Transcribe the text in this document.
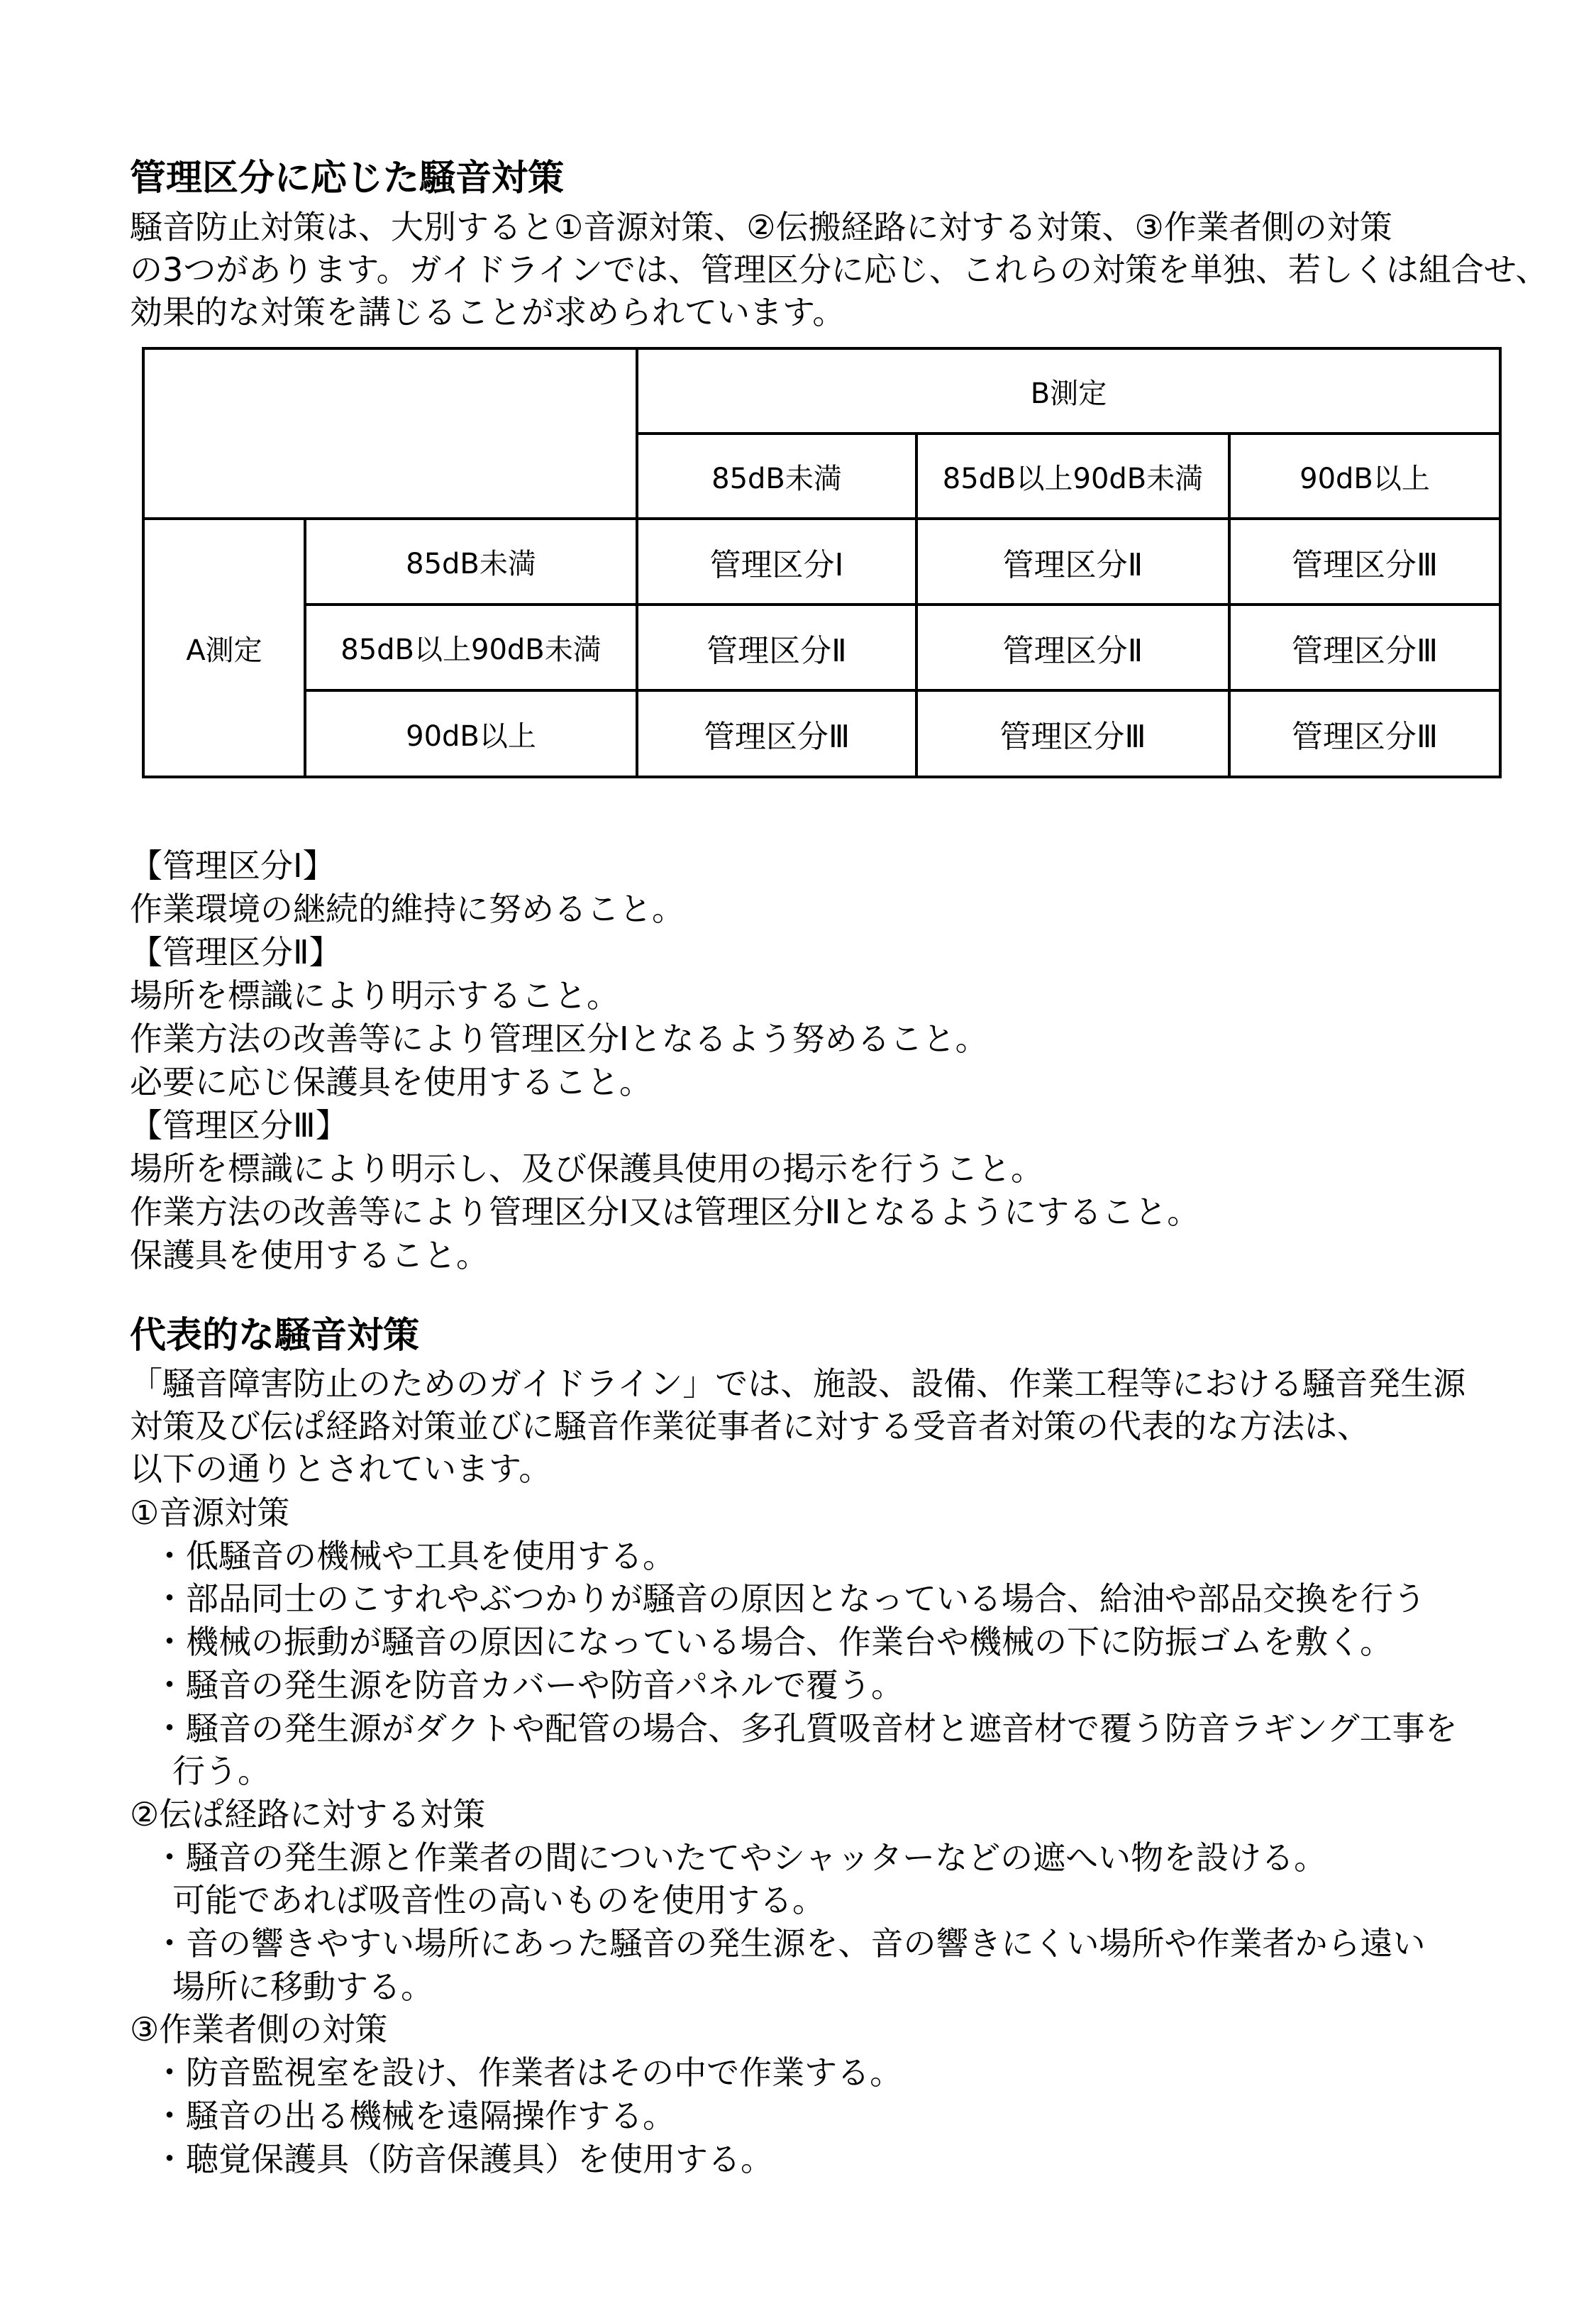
管理区分に応じた騒音対策
騒音防止対策は、大別すると①音源対策、②伝搬経路に対する対策、③作業者側の対策
の3つがあります。ガイドラインでは、管理区分に応じ、これらの対策を単独、若しくは組合せ、
効果的な対策を講じることが求められています。
		B測定		
		85dB未満	85dB以上90dB未満	90dB以上
A測定	85dB未満	管理区分Ⅰ	管理区分Ⅱ	管理区分Ⅲ
	85dB以上90dB未満	管理区分Ⅱ	管理区分Ⅱ	管理区分Ⅲ
	90dB以上	管理区分Ⅲ	管理区分Ⅲ	管理区分Ⅲ
【管理区分Ⅰ】
作業環境の継続的維持に努めること。
【管理区分Ⅱ】
場所を標識により明示すること。
作業方法の改善等により管理区分Ⅰとなるよう努めること。
必要に応じ保護具を使用すること。
【管理区分Ⅲ】
場所を標識により明示し、及び保護具使用の掲示を行うこと。
作業方法の改善等により管理区分Ⅰ又は管理区分Ⅱとなるようにすること。
保護具を使用すること。
代表的な騒音対策
「騒音障害防止のためのガイドライン」では、施設、設備、作業工程等における騒音発生源
対策及び伝ぱ経路対策並びに騒音作業従事者に対する受音者対策の代表的な方法は、
以下の通りとされています。
①音源対策
・低騒音の機械や工具を使用する。
・部品同士のこすれやぶつかりが騒音の原因となっている場合、給油や部品交換を行う
・機械の振動が騒音の原因になっている場合、作業台や機械の下に防振ゴムを敷く。
・騒音の発生源を防音カバーや防音パネルで覆う。
・騒音の発生源がダクトや配管の場合、多孔質吸音材と遮音材で覆う防音ラギング工事を
行う。
②伝ぱ経路に対する対策
・騒音の発生源と作業者の間についたてやシャッターなどの遮へい物を設ける。
可能であれば吸音性の高いものを使用する。
・音の響きやすい場所にあった騒音の発生源を、音の響きにくい場所や作業者から遠い
場所に移動する。
③作業者側の対策
・防音監視室を設け、作業者はその中で作業する。
・騒音の出る機械を遠隔操作する。
・聴覚保護具（防音保護具）を使用する。
